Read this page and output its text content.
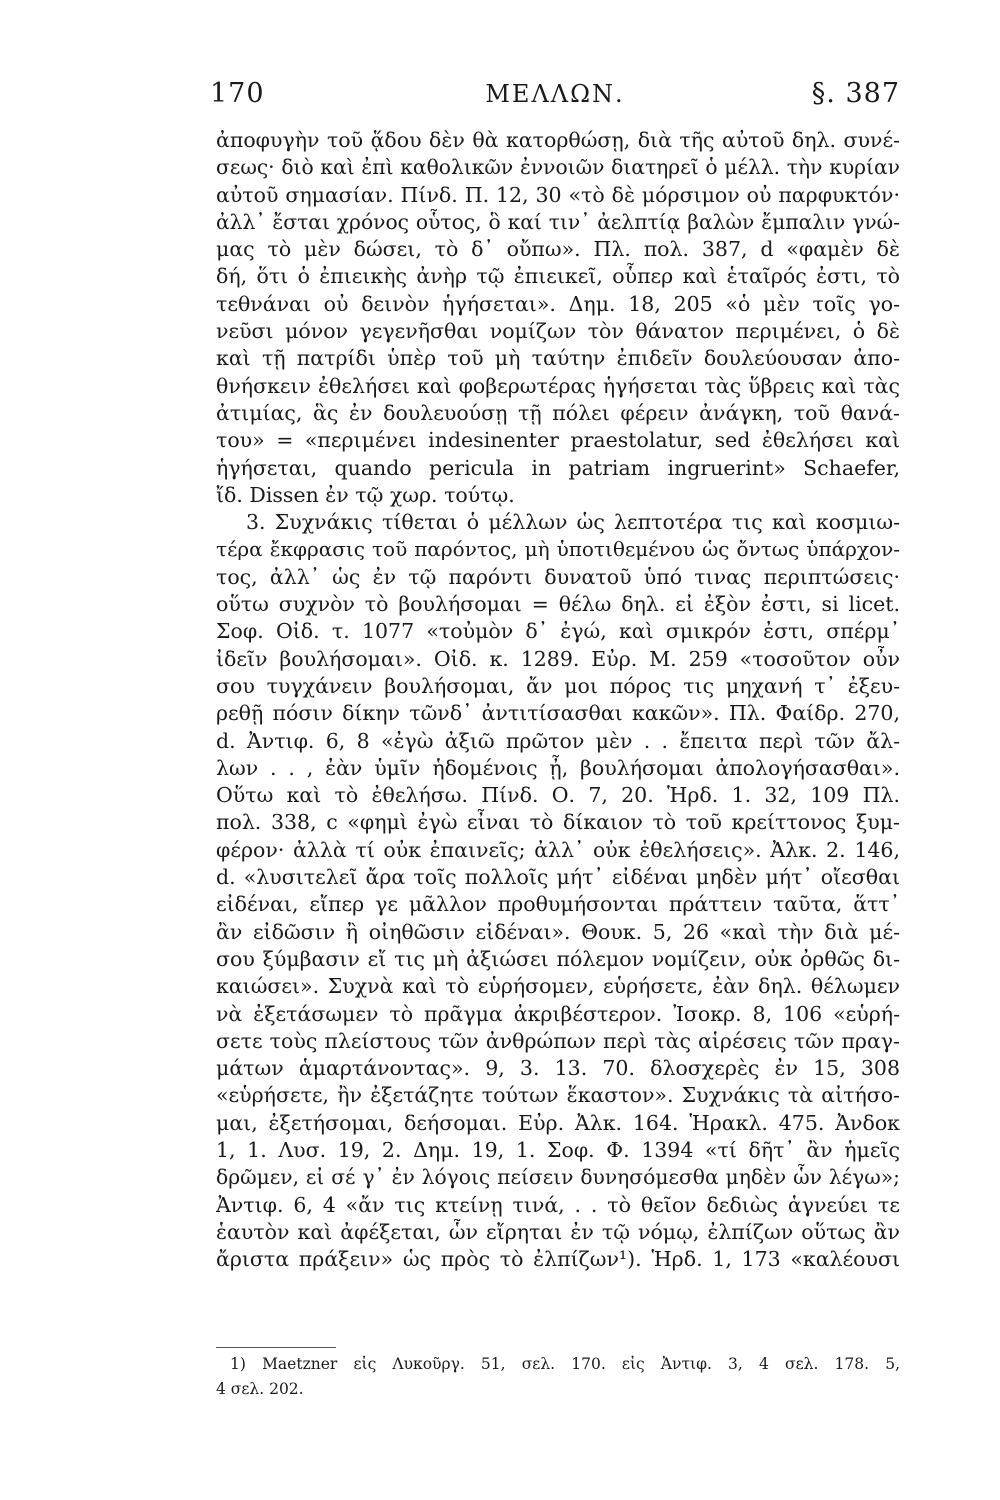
170	ΜΕΛΛΩΝ.	§. 387
ἀποφυγὴν τοῦ ᾅδου δὲν θὰ κατορθώσῃ, διὰ τῆς αὐτοῦ δηλ. συνέ-
σεως· διὸ καὶ ἐπὶ καθολικῶν ἐννοιῶν διατηρεῖ ὁ μέλλ. τὴν κυρίαν
αὐτοῦ σημασίαν. Πίνδ. Π. 12, 30 «τὸ δὲ μόρσιμον οὐ παρφυκτόν·
ἀλλ᾽ ἔσται χρόνος οὗτος, ὃ καί τιν᾽ ἀελπτίᾳ βαλὼν ἔμπαλιν γνώ-
μας τὸ μὲν δώσει, τὸ δ᾽ οὔπω». Πλ. πολ. 387, d «φαμὲν δὲ
δή, ὅτι ὁ ἐπιεικὴς ἀνὴρ τῷ ἐπιεικεῖ, οὗπερ καὶ ἑταῖρός ἐστι, τὸ
τεθνάναι οὐ δεινὸν ἡγήσεται». Δημ. 18, 205 «ὁ μὲν τοῖς γο-
νεῦσι μόνον γεγενῆσθαι νομίζων τὸν θάνατον περιμένει, ὁ δὲ
καὶ τῇ πατρίδι ὑπὲρ τοῦ μὴ ταύτην ἐπιδεῖν δουλεύουσαν ἀπο-
θνήσκειν ἐθελήσει καὶ φοβερωτέρας ἡγήσεται τὰς ὕβρεις καὶ τὰς
ἀτιμίας, ἃς ἐν δουλευούσῃ τῇ πόλει φέρειν ἀνάγκη, τοῦ θανά-
του» = «περιμένει indesinenter praestolatur, sed ἐθελήσει καὶ
ἡγήσεται, quando pericula in patriam ingruerint» Schaefer,
ἴδ. Dissen ἐν τῷ χωρ. τούτῳ.
3. Συχνάκις τίθεται ὁ μέλλων ὡς λεπτοτέρα τις καὶ κοσμιω-
τέρα ἔκφρασις τοῦ παρόντος, μὴ ὑποτιθεμένου ὡς ὄντως ὑπάρχον-
τος, ἀλλ᾽ ὡς ἐν τῷ παρόντι δυνατοῦ ὑπό τινας περιπτώσεις·
οὕτω συχνὸν τὸ βουλήσομαι = θέλω δηλ. εἰ ἐξὸν ἐστι, si licet.
Σοφ. Οἰδ. τ. 1077 «τοὐμὸν δ᾽ ἐγώ, καὶ σμικρόν ἐστι, σπέρμ᾽
ἰδεῖν βουλήσομαι». Οἰδ. κ. 1289. Εὐρ. Μ. 259 «τοσοῦτον οὖν
σου τυγχάνειν βουλήσομαι, ἄν μοι πόρος τις μηχανή τ᾽ ἐξευ-
ρεθῇ πόσιν δίκην τῶνδ᾽ ἀντιτίσασθαι κακῶν». Πλ. Φαίδρ. 270,
d. Ἀντιφ. 6, 8 «ἐγὼ ἀξιῶ πρῶτον μὲν . . ἔπειτα περὶ τῶν ἄλ-
λων . . , ἐὰν ὑμῖν ἡδομένοις ᾖ, βουλήσομαι ἀπολογήσασθαι».
Οὕτω καὶ τὸ ἐθελήσω. Πίνδ. Ο. 7, 20. Ἡρδ. 1. 32, 109 Πλ.
πολ. 338, c «φημὶ ἐγὼ εἶναι τὸ δίκαιον τὸ τοῦ κρείττονος ξυμ-
φέρον· ἀλλὰ τί οὐκ ἐπαινεῖς; ἀλλ᾽ οὐκ ἐθελήσεις». Ἀλκ. 2. 146,
d. «λυσιτελεῖ ἄρα τοῖς πολλοῖς μήτ᾽ εἰδέναι μηδὲν μήτ᾽ οἴεσθαι
εἰδέναι, εἴπερ γε μᾶλλον προθυμήσονται πράττειν ταῦτα, ἅττ᾽
ἂν εἰδῶσιν ἢ οἰηθῶσιν εἰδέναι». Θουκ. 5, 26 «καὶ τὴν διὰ μέ-
σου ξύμβασιν εἴ τις μὴ ἀξιώσει πόλεμον νομίζειν, οὐκ ὀρθῶς δι-
καιώσει». Συχνὰ καὶ τὸ εὑρήσομεν, εὑρήσετε, ἐὰν δηλ. θέλωμεν
νὰ ἐξετάσωμεν τὸ πρᾶγμα ἀκριβέστερον. Ἰσοκρ. 8, 106 «εὑρή-
σετε τοὺς πλείστους τῶν ἀνθρώπων περὶ τὰς αἱρέσεις τῶν πραγ-
μάτων ἁμαρτάνοντας». 9, 3. 13. 70. δλοσχερὲς ἐν 15, 308
«εὑρήσετε, ἢν ἐξετάζητε τούτων ἕκαστον». Συχνάκις τὰ αἰτήσο-
μαι, ἐξετήσομαι, δεήσομαι. Εὐρ. Ἀλκ. 164. Ἡρακλ. 475. Ἀνδοκ
1, 1. Λυσ. 19, 2. Δημ. 19, 1. Σοφ. Φ. 1394 «τί δῆτ᾽ ἂν ἡμεῖς
δρῶμεν, εἰ σέ γ᾽ ἐν λόγοις πείσειν δυνησόμεσθα μηδὲν ὧν λέγω»;
Ἀντιφ. 6, 4 «ἄν τις κτείνῃ τινά, . . τὸ θεῖον δεδιὼς ἁγνεύει τε
ἑαυτὸν καὶ ἀφέξεται, ὧν εἴρηται ἐν τῷ νόμῳ, ἐλπίζων οὕτως ἂν
ἄριστα πράξειν» ὡς πρὸς τὸ ἐλπίζων¹). Ἡρδ. 1, 173 «καλέουσι
1) Maetzner εἰς Λυκοῦργ. 51, σελ. 170. εἰς Ἀντιφ. 3, 4 σελ. 178. 5,
4 σελ. 202.
